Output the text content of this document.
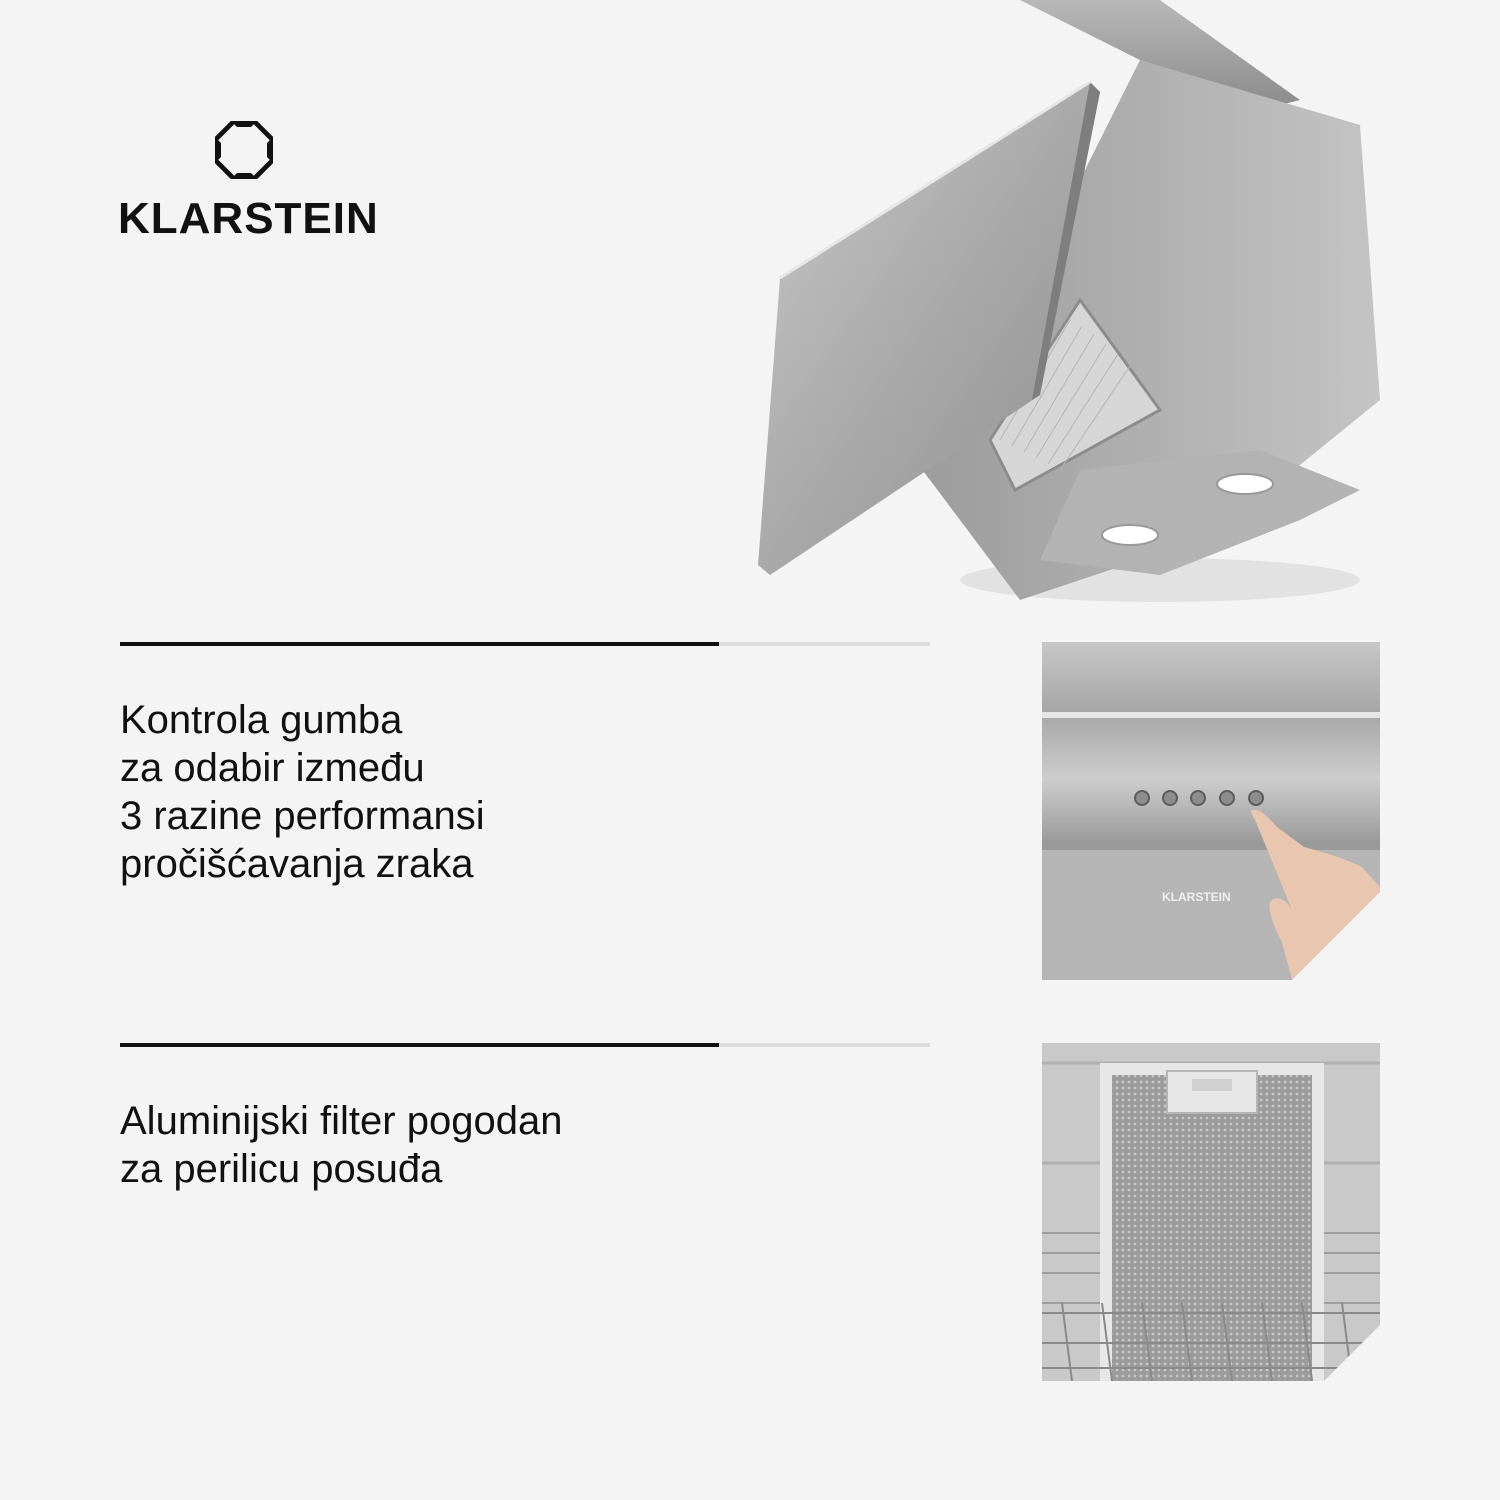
KLARSTEIN
Kontrola gumba
za odabir između
3 razine performansi
pročišćavanja zraka
KLARSTEIN
Aluminijski filter pogodan
za perilicu posuđa
